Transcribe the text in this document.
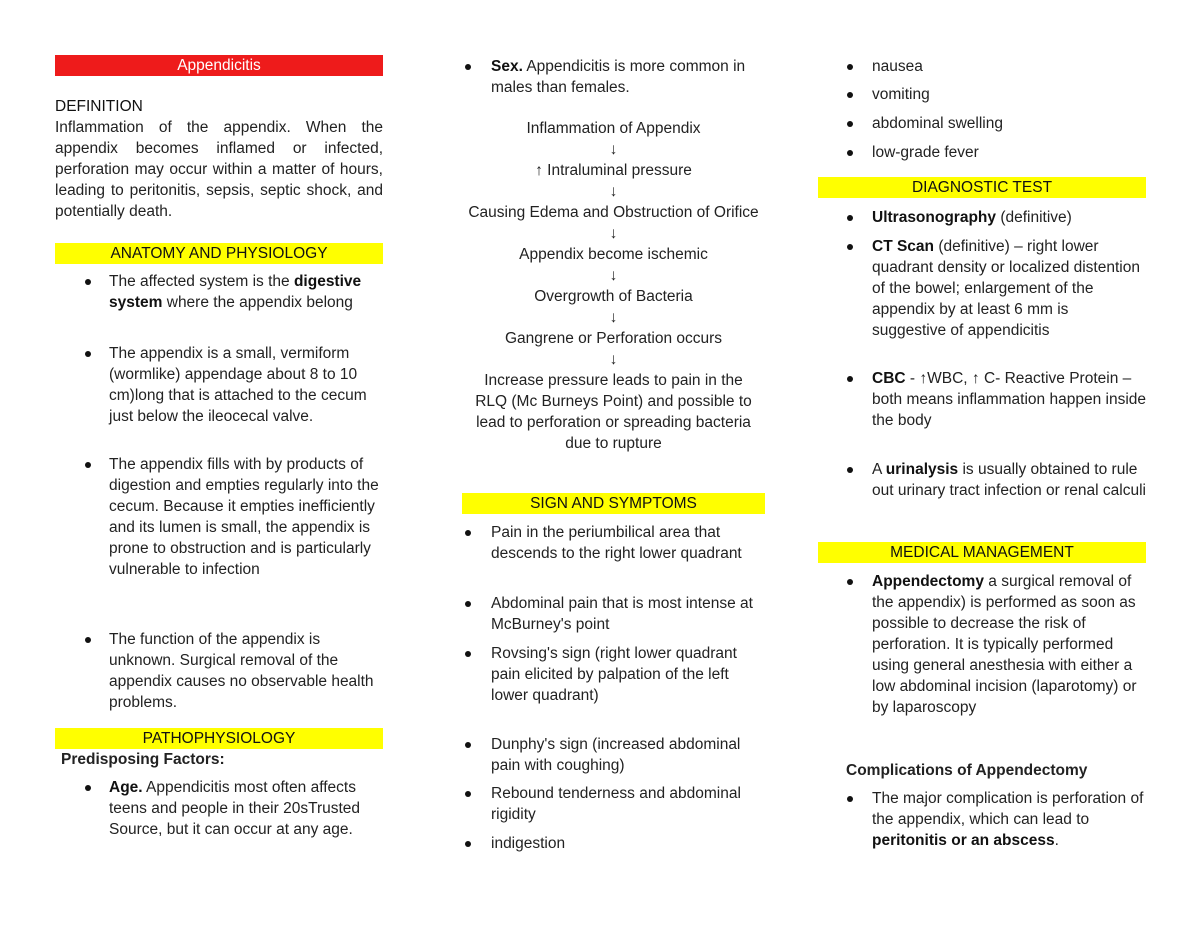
Appendicitis
DEFINITION
Inflammation of the appendix. When the appendix becomes inflamed or infected, perforation may occur within a matter of hours, leading to peritonitis, sepsis, septic shock, and potentially death.
ANATOMY AND PHYSIOLOGY
The affected system is the digestive system where the appendix belong
The appendix is a small, vermiform (wormlike) appendage about 8 to 10 cm)long that is attached to the cecum just below the ileocecal valve.
The appendix fills with by products of digestion and empties regularly into the cecum. Because it empties inefficiently and its lumen is small, the appendix is prone to obstruction and is particularly vulnerable to infection
The function of the appendix is unknown. Surgical removal of the appendix causes no observable health problems.
PATHOPHYSIOLOGY
Predisposing Factors:
Age. Appendicitis most often affects teens and people in their 20sTrusted Source, but it can occur at any age.
Sex. Appendicitis is more common in males than females.
Inflammation of Appendix
↓
↑ Intraluminal pressure
↓
Causing Edema and Obstruction of Orifice
↓
Appendix become ischemic
↓
Overgrowth of Bacteria
↓
Gangrene or Perforation occurs
↓
Increase pressure leads to pain in the RLQ (Mc Burneys Point) and possible to lead to perforation or spreading bacteria due to rupture
SIGN AND SYMPTOMS
Pain in the periumbilical area that descends to the right lower quadrant
Abdominal pain that is most intense at McBurney's point
Rovsing's sign (right lower quadrant pain elicited by palpation of the left lower quadrant)
Dunphy's sign (increased abdominal pain with coughing)
Rebound tenderness and abdominal rigidity
indigestion
nausea
vomiting
abdominal swelling
low-grade fever
DIAGNOSTIC TEST
Ultrasonography (definitive)
CT Scan (definitive) – right lower quadrant density or localized distention of the bowel; enlargement of the appendix by at least 6 mm is suggestive of appendicitis
CBC - ↑WBC, ↑ C- Reactive Protein – both means inflammation happen inside the body
A urinalysis is usually obtained to rule out urinary tract infection or renal calculi
MEDICAL MANAGEMENT
Appendectomy a surgical removal of the appendix) is performed as soon as possible to decrease the risk of perforation. It is typically performed using general anesthesia with either a low abdominal incision (laparotomy) or by laparoscopy
Complications of Appendectomy
The major complication is perforation of the appendix, which can lead to peritonitis or an abscess.
